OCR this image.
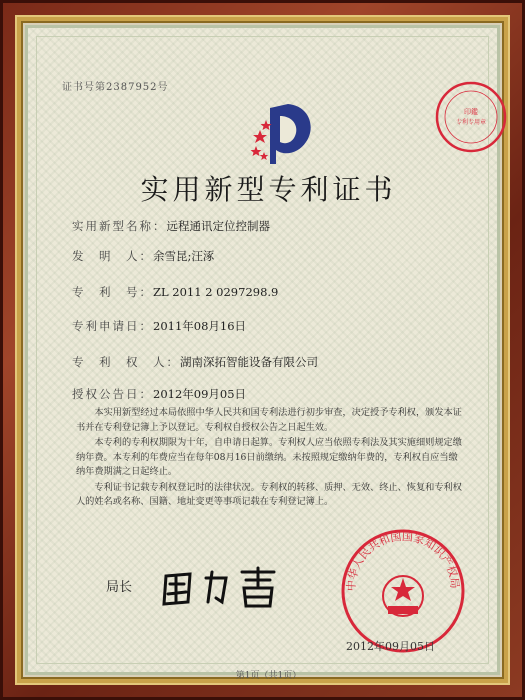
证书号第2387952号
印鑑
专利专用章
实用新型专利证书
实用新型名称：远程通讯定位控制器
发　明　人：余雪昆;汪涿
专　利　号：ZL 2011 2 0297298.9
专利申请日：2011年08月16日
专　利　权　人：湖南深拓智能设备有限公司
授权公告日：2012年09月05日

本实用新型经过本局依照中华人民共和国专利法进行初步审查，决定授予专利权，颁发本证书并在专利登记簿上予以登记。专利权自授权公告之日起生效。

本专利的专利权期限为十年，自申请日起算。专利权人应当依照专利法及其实施细则规定缴纳年费。本专利的年费应当在每年08月16日前缴纳。未按照规定缴纳年费的，专利权自应当缴纳年费期满之日起终止。

专利证书记载专利权登记时的法律状况。专利权的转移、质押、无效、终止、恢复和专利权人的姓名或名称、国籍、地址变更等事项记载在专利登记簿上。

局长	中华人民共和国国家知识产权局
2012年09月05日
第1页（共1页）
